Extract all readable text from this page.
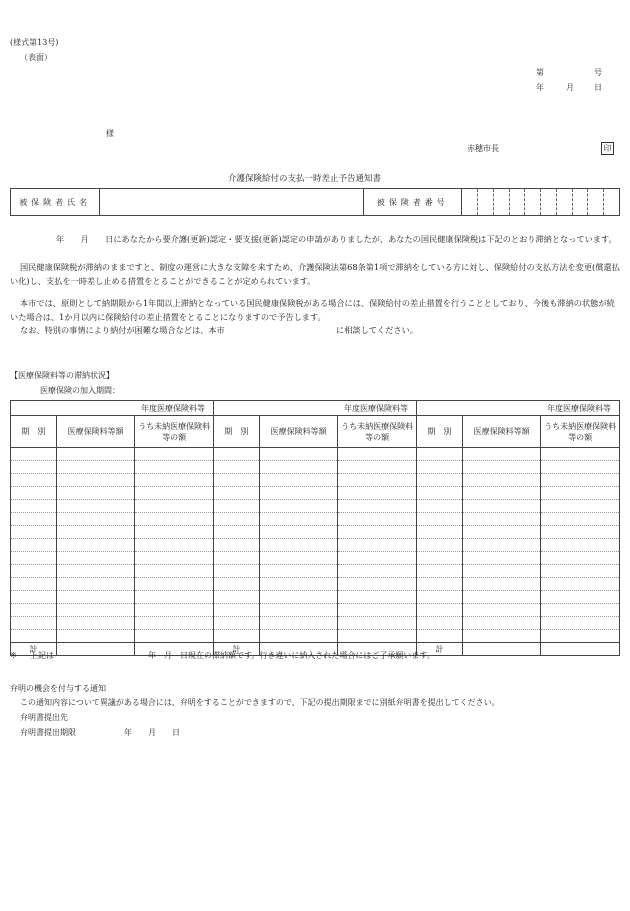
(様式第13号)
（表面）
第	号
年	月	日
様
赤穂市長	印
介護保険給付の支払一時差止予告通知書
被保険者氏名		被保険者番号										
年　　月　　日にあなたから要介護(更新)認定・要支援(更新)認定の申請がありましたが、あなたの国民健康保険税は下記のとおり滞納となっています。
国民健康保険税が滞納のままですと、制度の運営に大きな支障を来すため、介護保険法第68条第1項で滞納をしている方に対し、保険給付の支払方法を変更(償還払い化)し、支払を一時差し止める措置をとることができることが定められています。
本市では、原則として納期限から1年間以上滞納となっている国民健康保険税がある場合には、保険給付の差止措置を行うこととしており、今後も滞納の状態が続いた場合は、1か月以内に保険給付の差止措置をとることになりますので予告します。
なお、特別の事情により納付が困難な場合などは、本市	に相談してください。
【医療保険料等の滞納状況】
医療保険の加入期間：
年度医療保険料等			年度医療保険料等			年度医療保険料等		
期　別	医療保険料等額	うち未納医療保険料等の額	期　別	医療保険料等額	うち未納医療保険料等の額	期　別	医療保険料等額	うち未納医療保険料等の額

計			計			計		
※ 上記は	年　月　日現在の滞納額です。行き違いに納入された場合にはご了承願います。
弁明の機会を付与する通知
この通知内容について異議がある場合には、弁明をすることができますので、下記の提出期限までに別紙弁明書を提出してください。
弁明書提出先
弁明書提出期限	年　　月　　日
